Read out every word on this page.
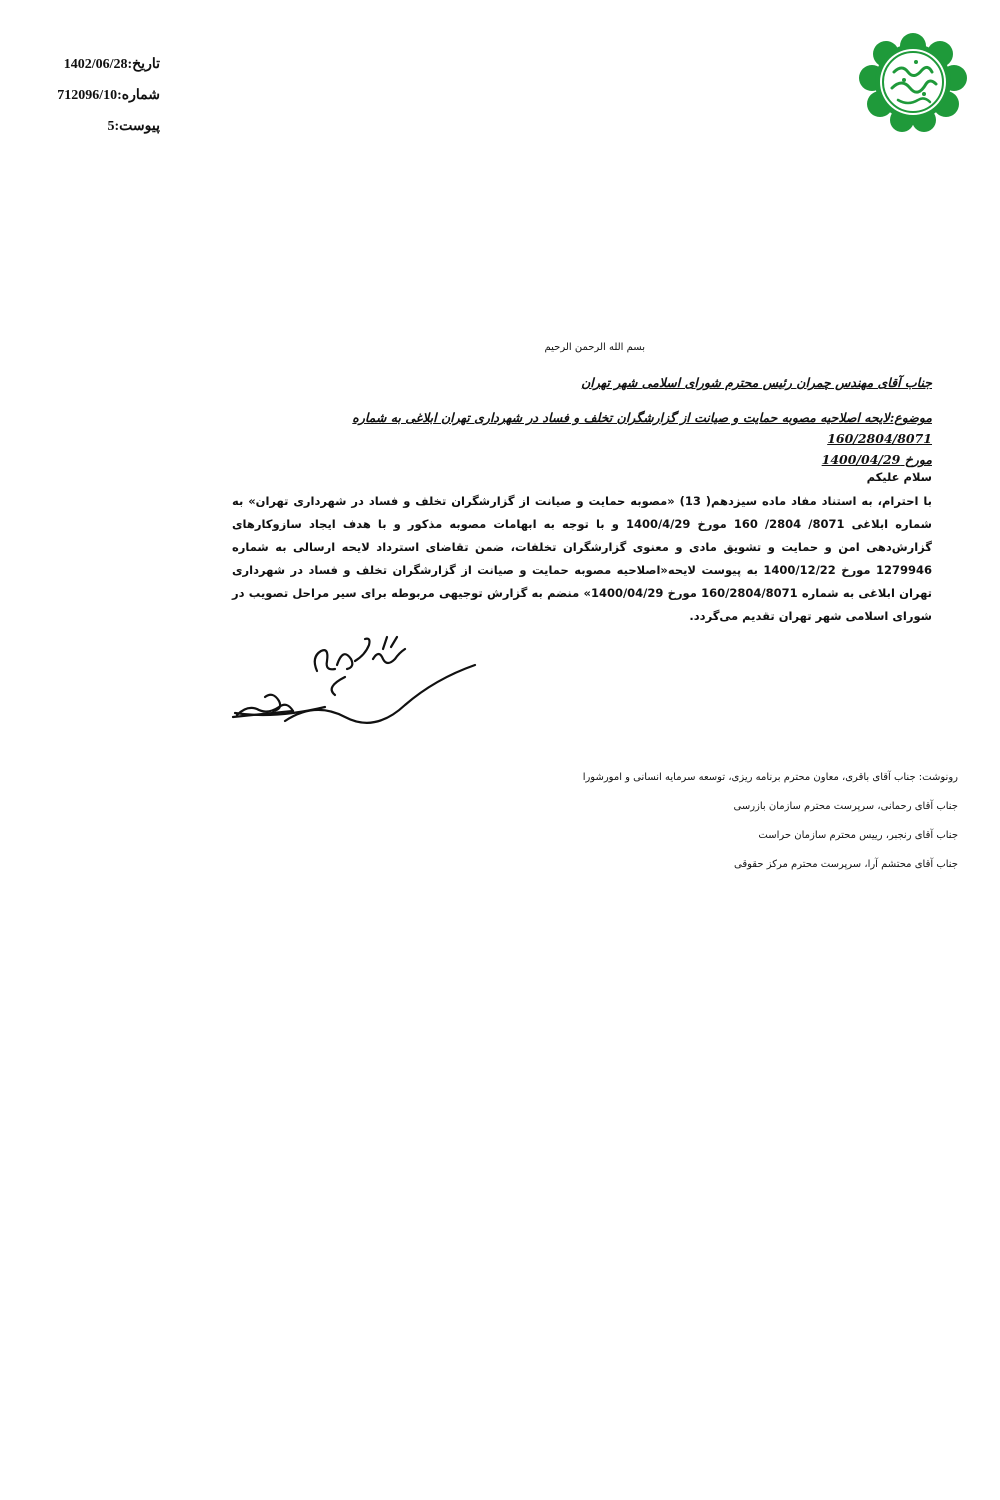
تاریخ:1402/06/28
شماره:712096/10
پیوست:5
بسم الله الرحمن الرحیم
جناب آقای مهندس چمران رئیس محترم شورای اسلامی شهر تهران
موضوع:لایحه اصلاحیه مصوبه حمایت و صیانت از گزارشگران تخلف و فساد در شهرداری تهران ابلاغی به شماره 160/2804/8071
مورخ 1400/04/29
سلام علیکم
با احترام، به استناد مفاد ماده سیزدهم( 13) «مصوبه حمایت و صیانت از گزارشگران تخلف و فساد در شهرداری تهران» به شماره ابلاغی 8071/ 2804/ 160 مورخ 1400/4/29 و با توجه به ابهامات مصوبه مذکور و با هدف ایجاد سازوکارهای گزارش‌دهی امن و حمایت و تشویق مادی و معنوی گزارشگران تخلفات، ضمن تقاضای استرداد لایحه ارسالی به شماره 1279946 مورخ 1400/12/22 به پیوست لایحه«اصلاحیه مصوبه حمایت و صیانت از گزارشگران تخلف و فساد در شهرداری تهران ابلاغی به شماره 160/2804/8071 مورخ 1400/04/29» منضم به گزارش توجیهی مربوطه برای سیر مراحل تصویب در شورای اسلامی شهر تهران تقدیم می‌گردد.
رونوشت: جناب آقای باقری، معاون محترم برنامه ریزی، توسعه سرمایه انسانی و امورشورا
جناب آقای رحمانی، سرپرست محترم سازمان بازرسی
جناب آقای رنجبر، رییس محترم سازمان حراست
جناب آقای محتشم آرا، سرپرست محترم مرکز حقوقی
